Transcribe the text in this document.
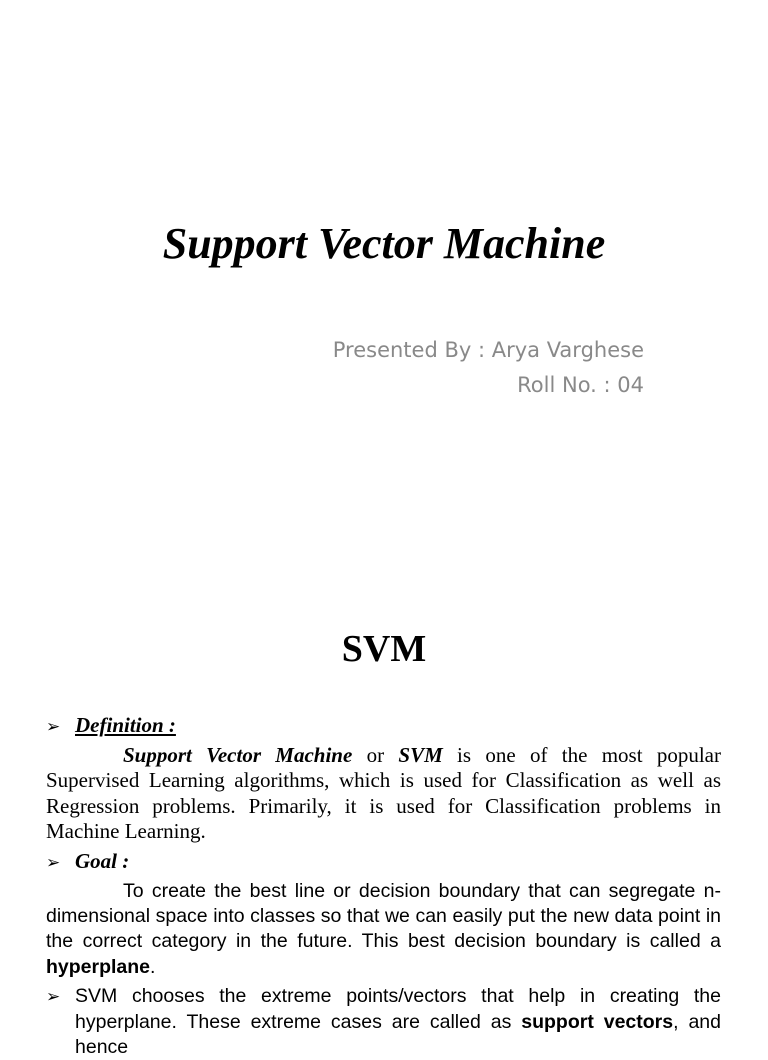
Support Vector Machine
Presented By : Arya Varghese
Roll No. : 04
SVM
➢ Definition :
Support Vector Machine or SVM is one of the most popular Supervised Learning algorithms, which is used for Classification as well as Regression problems. Primarily, it is used for Classification problems in Machine Learning.
➢ Goal :
To create the best line or decision boundary that can segregate n-dimensional space into classes so that we can easily put the new data point in the correct category in the future. This best decision boundary is called a hyperplane.
➢ SVM chooses the extreme points/vectors that help in creating the hyperplane. These extreme cases are called as support vectors, and hence
